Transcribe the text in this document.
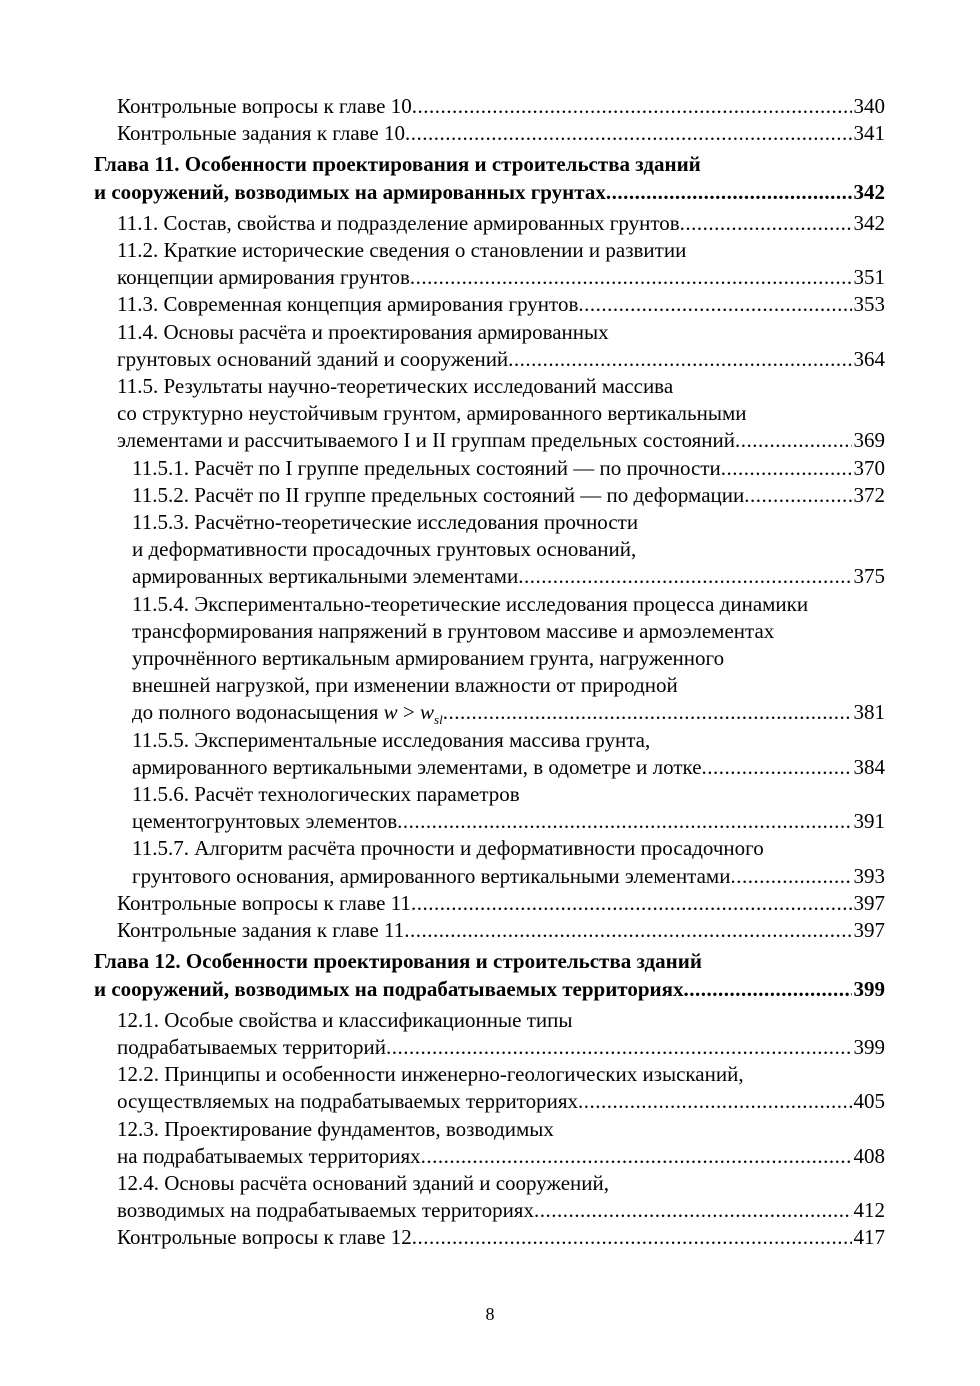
Контрольные вопросы к главе 10 .....	340
Контрольные задания к главе 10 .....	341
Глава 11. Особенности проектирования и строительства зданий
и сооружений, возводимых на армированных грунтах .....	342
11.1. Состав, свойства и подразделение армированных грунтов .....	342
11.2. Краткие исторические сведения о становлении и развитии
концепции армирования грунтов .....	351
11.3. Современная концепция армирования грунтов .....	353
11.4. Основы расчёта и проектирования армированных
грунтовых оснований зданий и сооружений .....	364
11.5. Результаты научно-теоретических исследований массива
со структурно неустойчивым грунтом, армированного вертикальными
элементами и рассчитываемого I и II группам предельных состояний .....	369
11.5.1. Расчёт по I группе предельных состояний — по прочности .....	370
11.5.2. Расчёт по II группе предельных состояний — по деформации .....	372
11.5.3. Расчётно-теоретические исследования прочности
и деформативности просадочных грунтовых оснований,
армированных вертикальными элементами .....	375
11.5.4. Экспериментально-теоретические исследования процесса динамики
трансформирования напряжений в грунтовом массиве и армоэлементах
упрочнённого вертикальным армированием грунта, нагруженного
внешней нагрузкой, при изменении влажности от природной
до полного водонасыщения $w > w_{sl}$ .....	381
11.5.5. Экспериментальные исследования массива грунта,
армированного вертикальными элементами, в одометре и лотке .....	384
11.5.6. Расчёт технологических параметров
цементогрунтовых элементов .....	391
11.5.7. Алгоритм расчёта прочности и деформативности просадочного
грунтового основания, армированного вертикальными элементами .....	393
Контрольные вопросы к главе 11 .....	397
Контрольные задания к главе 11 .....	397
Глава 12. Особенности проектирования и строительства зданий
и сооружений, возводимых на подрабатываемых территориях .....	399
12.1. Особые свойства и классификационные типы
подрабатываемых территорий .....	399
12.2. Принципы и особенности инженерно-геологических изысканий,
осуществляемых на подрабатываемых территориях .....	405
12.3. Проектирование фундаментов, возводимых
на подрабатываемых территориях .....	408
12.4. Основы расчёта оснований зданий и сооружений,
возводимых на подрабатываемых территориях .....	412
Контрольные вопросы к главе 12 .....	417
8
